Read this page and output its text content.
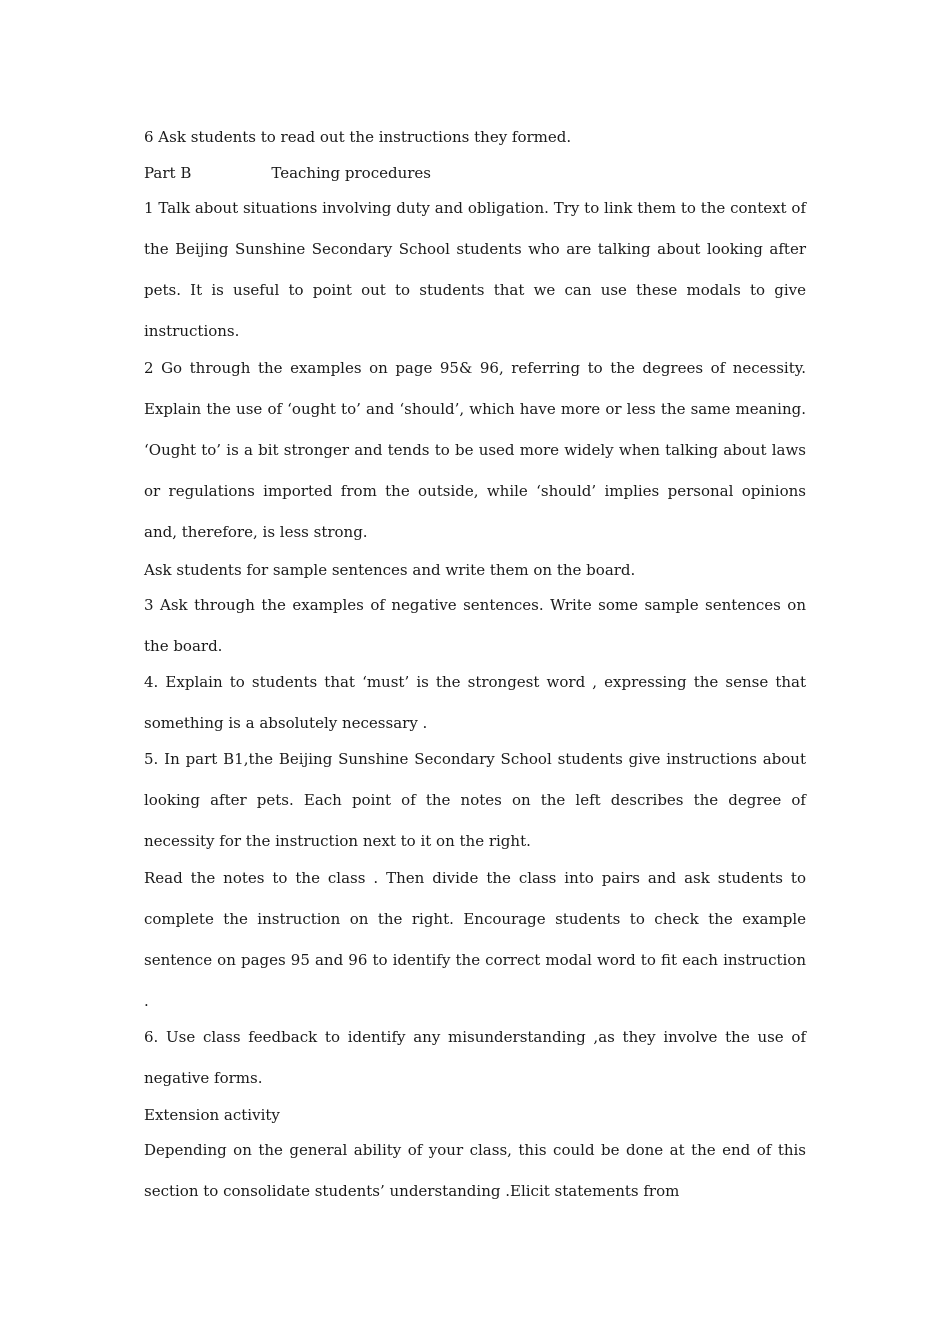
6 Ask students to read out the instructions they formed.

Part B	Teaching procedures

1 Talk about situations involving duty and obligation. Try to link them to the context of the Beijing Sunshine Secondary School students who are talking about looking after pets. It is useful to point out to students that we can use these modals to give instructions.

2 Go through the examples on page 95& 96, referring to the degrees of necessity. Explain the use of ‘ought to’ and ‘should’, which have more or less the same meaning. ‘Ought to’ is a bit stronger and tends to be used more widely when talking about laws or regulations imported from the outside, while ‘should’ implies personal opinions and, therefore, is less strong.

Ask students for sample sentences and write them on the board.

3 Ask through the examples of negative sentences. Write some sample sentences on the board.

4. Explain to students that ‘must’ is the strongest word , expressing the sense that something is a absolutely necessary .

5. In part B1,the Beijing Sunshine Secondary School students give instructions about looking after pets. Each point of the notes on the left describes the degree of necessity for the instruction next to it on the right.

Read the notes to the class . Then divide the class into pairs and ask students to complete the instruction on the right. Encourage students to check the example sentence on pages 95 and 96 to identify the correct modal word to fit each instruction .

6. Use class feedback to identify any misunderstanding ,as they involve the use of negative forms.

Extension activity

Depending on the general ability of your class, this could be done at the end of this section to consolidate students’ understanding .Elicit statements from
